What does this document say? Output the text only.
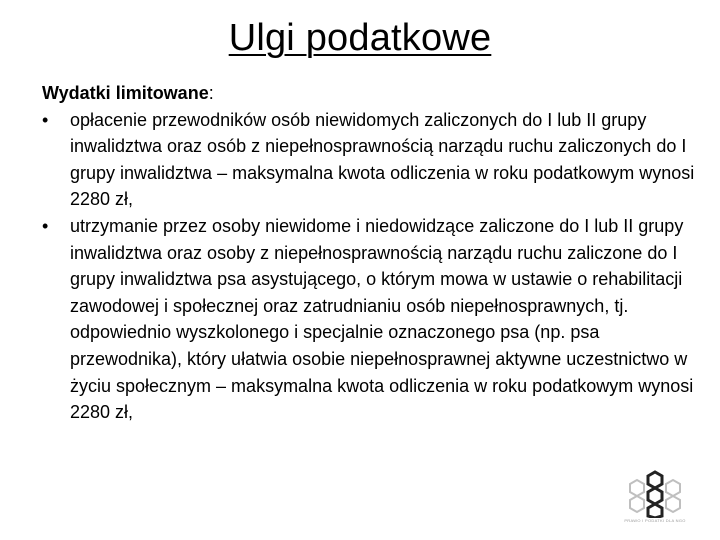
Ulgi podatkowe

Wydatki limitowane:

•	opłacenie przewodników osób niewidomych zaliczonych do I lub II grupy inwalidztwa oraz osób z niepełnosprawnością narządu ruchu zaliczonych do I grupy inwalidztwa – maksymalna kwota odliczenia w roku podatkowym wynosi 2280 zł,
•	utrzymanie przez osoby niewidome i niedowidzące zaliczone do I lub II grupy inwalidztwa oraz osoby z niepełnosprawnością narządu ruchu zaliczone do I grupy inwalidztwa psa asystującego, o którym mowa w ustawie o rehabilitacji zawodowej i społecznej oraz zatrudnianiu osób niepełnosprawnych, tj. odpowiednio wyszkolonego i specjalnie oznaczonego psa (np. psa przewodnika), który ułatwia osobie niepełnosprawnej aktywne uczestnictwo w życiu społecznym – maksymalna kwota odliczenia w roku podatkowym wynosi 2280 zł,
PRAWO I PODATKI DLA NGO
